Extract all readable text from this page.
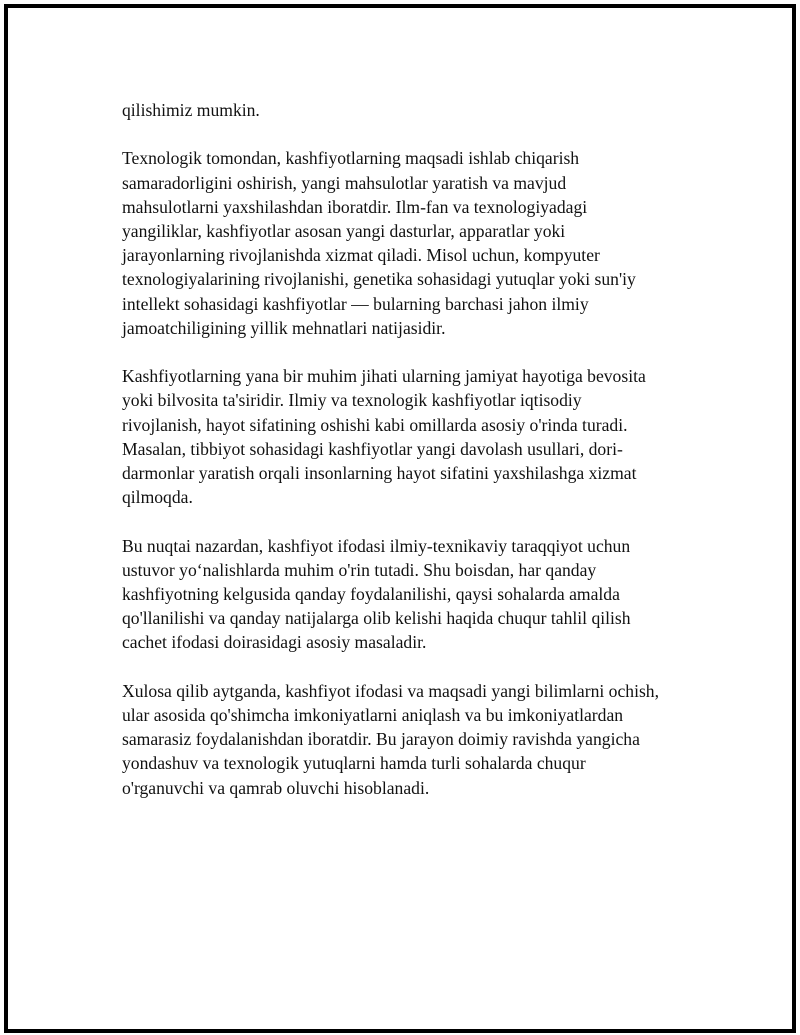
qilishimiz mumkin.

Texnologik tomondan, kashfiyotlarning maqsadi ishlab chiqarish
samaradorligini oshirish, yangi mahsulotlar yaratish va mavjud
mahsulotlarni yaxshilashdan iboratdir. Ilm-fan va texnologiyadagi
yangiliklar, kashfiyotlar asosan yangi dasturlar, apparatlar yoki
jarayonlarning rivojlanishda xizmat qiladi. Misol uchun, kompyuter
texnologiyalarining rivojlanishi, genetika sohasidagi yutuqlar yoki sun'iy
intellekt sohasidagi kashfiyotlar — bularning barchasi jahon ilmiy
jamoatchiligining yillik mehnatlari natijasidir.

Kashfiyotlarning yana bir muhim jihati ularning jamiyat hayotiga bevosita
yoki bilvosita ta'siridir. Ilmiy va texnologik kashfiyotlar iqtisodiy
rivojlanish, hayot sifatining oshishi kabi omillarda asosiy o'rinda turadi.
Masalan, tibbiyot sohasidagi kashfiyotlar yangi davolash usullari, dori-
darmonlar yaratish orqali insonlarning hayot sifatini yaxshilashga xizmat
qilmoqda.

Bu nuqtai nazardan, kashfiyot ifodasi ilmiy-texnikaviy taraqqiyot uchun
ustuvor yo‘nalishlarda muhim o'rin tutadi. Shu boisdan, har qanday
kashfiyotning kelgusida qanday foydalanilishi, qaysi sohalarda amalda
qo'llanilishi va qanday natijalarga olib kelishi haqida chuqur tahlil qilish
cachet ifodasi doirasidagi asosiy masaladir.

Xulosa qilib aytganda, kashfiyot ifodasi va maqsadi yangi bilimlarni ochish,
ular asosida qo'shimcha imkoniyatlarni aniqlash va bu imkoniyatlardan
samarasiz foydalanishdan iboratdir. Bu jarayon doimiy ravishda yangicha
yondashuv va texnologik yutuqlarni hamda turli sohalarda chuqur
o'rganuvchi va qamrab oluvchi hisoblanadi.
